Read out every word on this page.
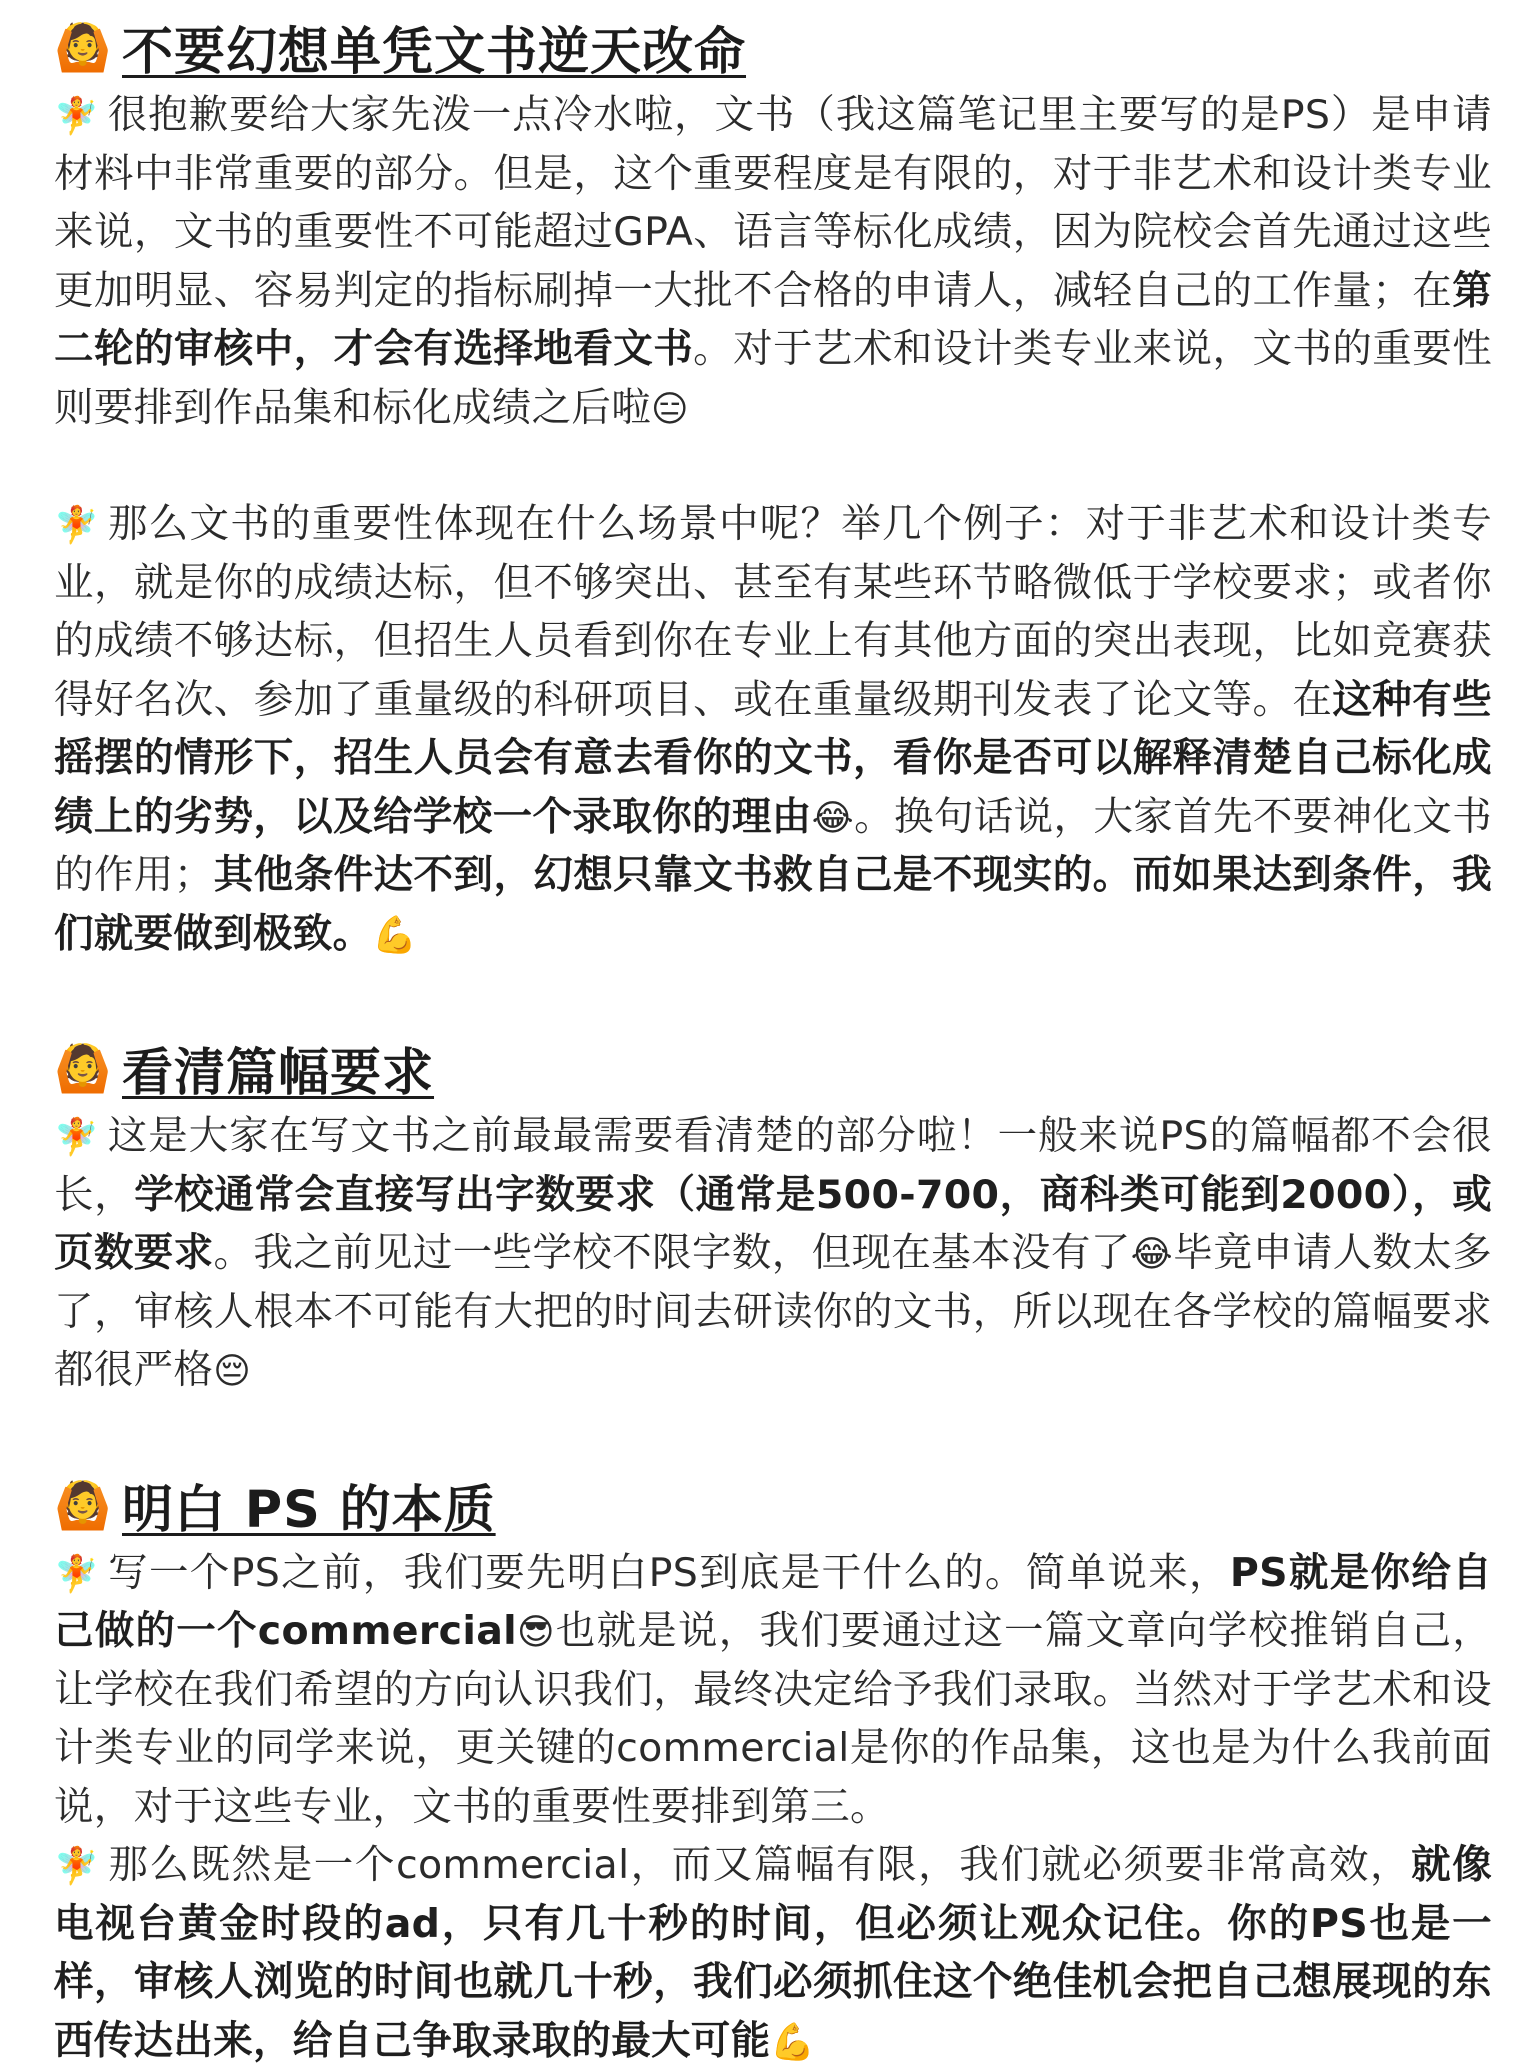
🙆 不要幻想单凭文书逆天改命

🧚 很抱歉要给大家先泼一点冷水啦，文书（我这篇笔记里主要写的是PS）是申请材料中非常重要的部分。但是，这个重要程度是有限的，对于非艺术和设计类专业来说，文书的重要性不可能超过GPA、语言等标化成绩，因为院校会首先通过这些更加明显、容易判定的指标刷掉一大批不合格的申请人，减轻自己的工作量；在第二轮的审核中，才会有选择地看文书。对于艺术和设计类专业来说，文书的重要性则要排到作品集和标化成绩之后啦😑

🧚 那么文书的重要性体现在什么场景中呢？举几个例子：对于非艺术和设计类专业，就是你的成绩达标，但不够突出、甚至有某些环节略微低于学校要求；或者你的成绩不够达标，但招生人员看到你在专业上有其他方面的突出表现，比如竞赛获得好名次、参加了重量级的科研项目、或在重量级期刊发表了论文等。在这种有些摇摆的情形下，招生人员会有意去看你的文书，看你是否可以解释清楚自己标化成绩上的劣势，以及给学校一个录取你的理由😂。换句话说，大家首先不要神化文书的作用；其他条件达不到，幻想只靠文书救自己是不现实的。而如果达到条件，我们就要做到极致。💪

🙆 看清篇幅要求

🧚 这是大家在写文书之前最最需要看清楚的部分啦！一般来说PS的篇幅都不会很长，学校通常会直接写出字数要求（通常是500-700，商科类可能到2000），或页数要求。我之前见过一些学校不限字数，但现在基本没有了😂毕竟申请人数太多了，审核人根本不可能有大把的时间去研读你的文书，所以现在各学校的篇幅要求都很严格😔

🙆 明白 PS 的本质

🧚 写一个PS之前，我们要先明白PS到底是干什么的。简单说来，PS就是你给自己做的一个commercial😎也就是说，我们要通过这一篇文章向学校推销自己，让学校在我们希望的方向认识我们，最终决定给予我们录取。当然对于学艺术和设计类专业的同学来说，更关键的commercial是你的作品集，这也是为什么我前面说，对于这些专业，文书的重要性要排到第三。

🧚 那么既然是一个commercial，而又篇幅有限，我们就必须要非常高效，就像电视台黄金时段的ad，只有几十秒的时间，但必须让观众记住。你的PS也是一样，审核人浏览的时间也就几十秒，我们必须抓住这个绝佳机会把自己想展现的东西传达出来，给自己争取录取的最大可能💪
